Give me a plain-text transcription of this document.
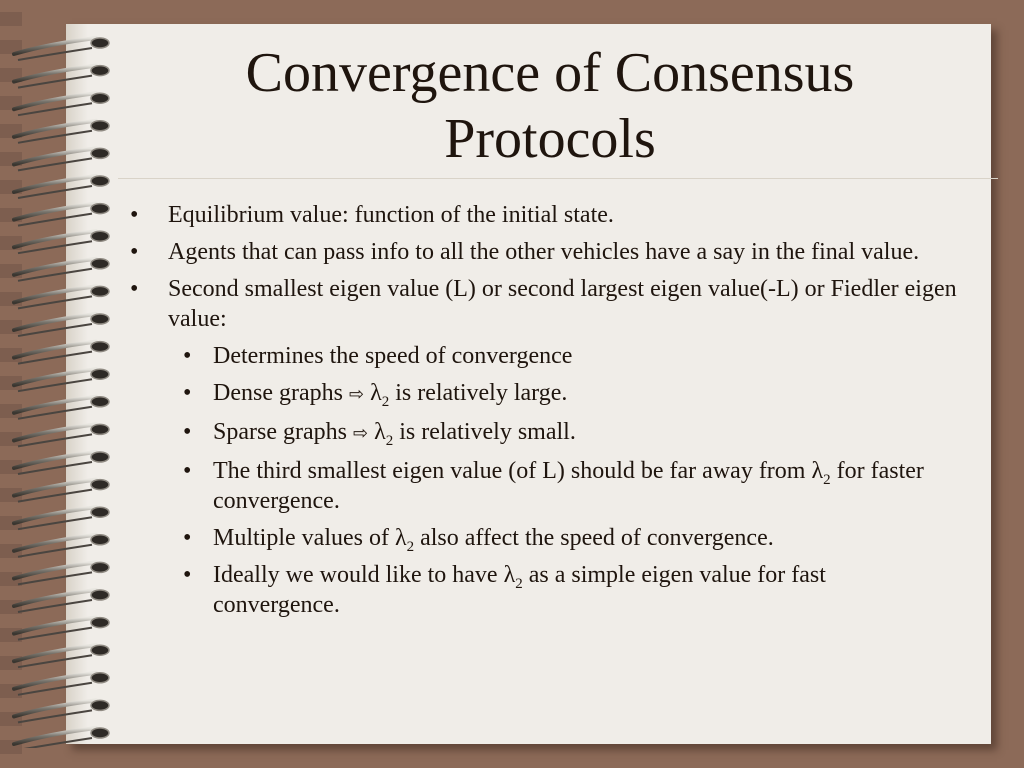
Convergence of Consensus
Protocols
• Equilibrium value: function of the initial state.
• Agents that can pass info to all the other vehicles have a say in the final value.
• Second smallest eigen value (L) or second largest eigen value(-L) or Fiedler eigen value:
• Determines the speed of convergence
• Dense graphs ⇨ $\lambda_2$ is relatively large.
• Sparse graphs ⇨ $\lambda_2$ is relatively small.
• The third smallest eigen value (of L) should be far away from $\lambda_2$ for faster convergence.
• Multiple values of $\lambda_2$ also affect the speed of convergence.
• Ideally we would like to have $\lambda_2$ as a simple eigen value for fast convergence.
